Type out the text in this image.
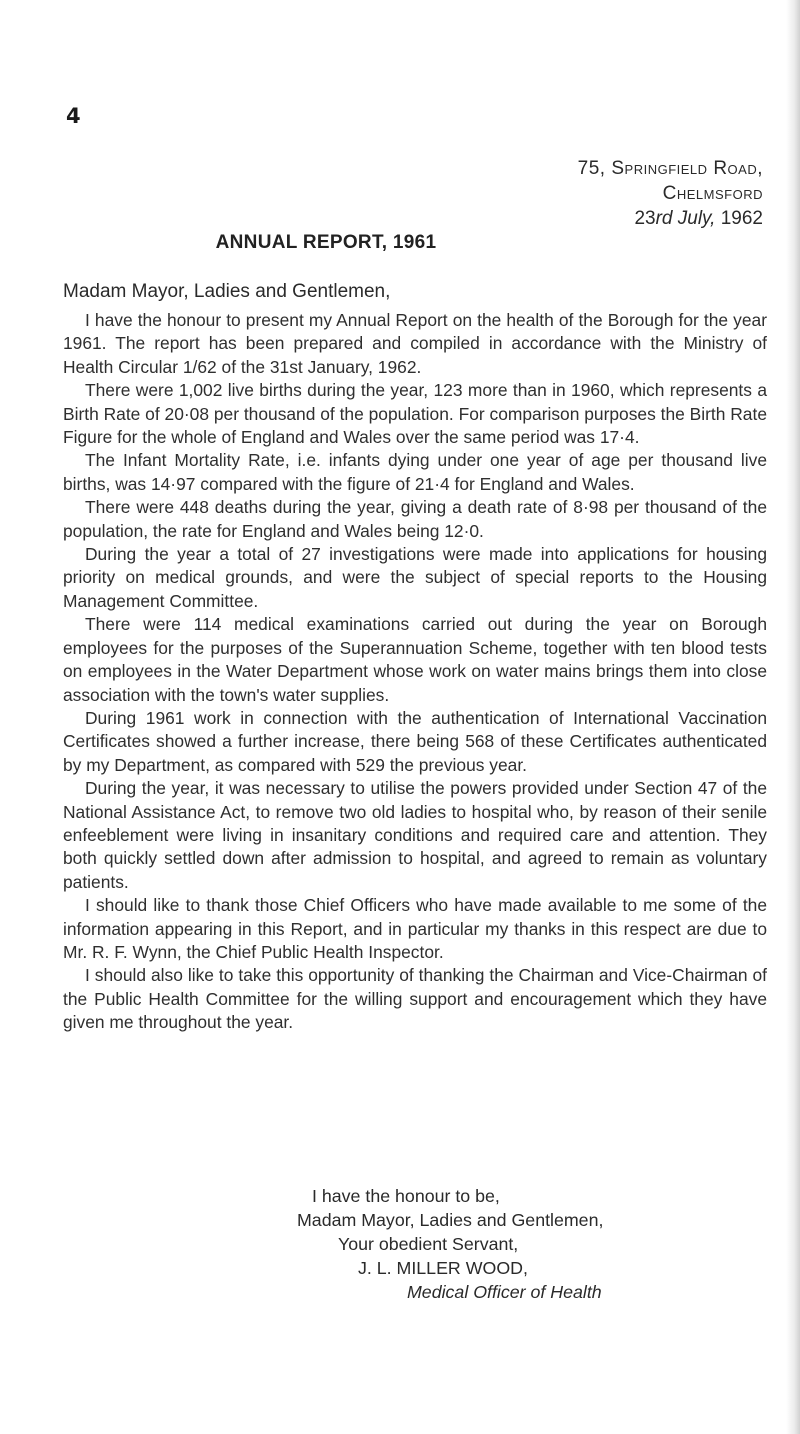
4
75, Springfield Road,
Chelmsford
23rd July, 1962
ANNUAL REPORT, 1961
Madam Mayor, Ladies and Gentlemen,

I have the honour to present my Annual Report on the health of the Borough for the year 1961. The report has been prepared and compiled in accordance with the Ministry of Health Circular 1/62 of the 31st January, 1962.

There were 1,002 live births during the year, 123 more than in 1960, which represents a Birth Rate of 20·08 per thousand of the population. For comparison purposes the Birth Rate Figure for the whole of England and Wales over the same period was 17·4.

The Infant Mortality Rate, i.e. infants dying under one year of age per thousand live births, was 14·97 compared with the figure of 21·4 for England and Wales.

There were 448 deaths during the year, giving a death rate of 8·98 per thousand of the population, the rate for England and Wales being 12·0.

During the year a total of 27 investigations were made into applications for housing priority on medical grounds, and were the subject of special reports to the Housing Management Committee.

There were 114 medical examinations carried out during the year on Borough employees for the purposes of the Superannuation Scheme, together with ten blood tests on employees in the Water Department whose work on water mains brings them into close association with the town's water supplies.

During 1961 work in connection with the authentication of International Vaccination Certificates showed a further increase, there being 568 of these Certificates authenticated by my Department, as compared with 529 the previous year.

During the year, it was necessary to utilise the powers provided under Section 47 of the National Assistance Act, to remove two old ladies to hospital who, by reason of their senile enfeeblement were living in insanitary conditions and required care and attention. They both quickly settled down after admission to hospital, and agreed to remain as voluntary patients.

I should like to thank those Chief Officers who have made available to me some of the information appearing in this Report, and in particular my thanks in this respect are due to Mr. R. F. Wynn, the Chief Public Health Inspector.

I should also like to take this opportunity of thanking the Chairman and Vice-Chairman of the Public Health Committee for the willing support and encouragement which they have given me throughout the year.

I have the honour to be,
Madam Mayor, Ladies and Gentlemen,
Your obedient Servant,
J. L. MILLER WOOD,
Medical Officer of Health
